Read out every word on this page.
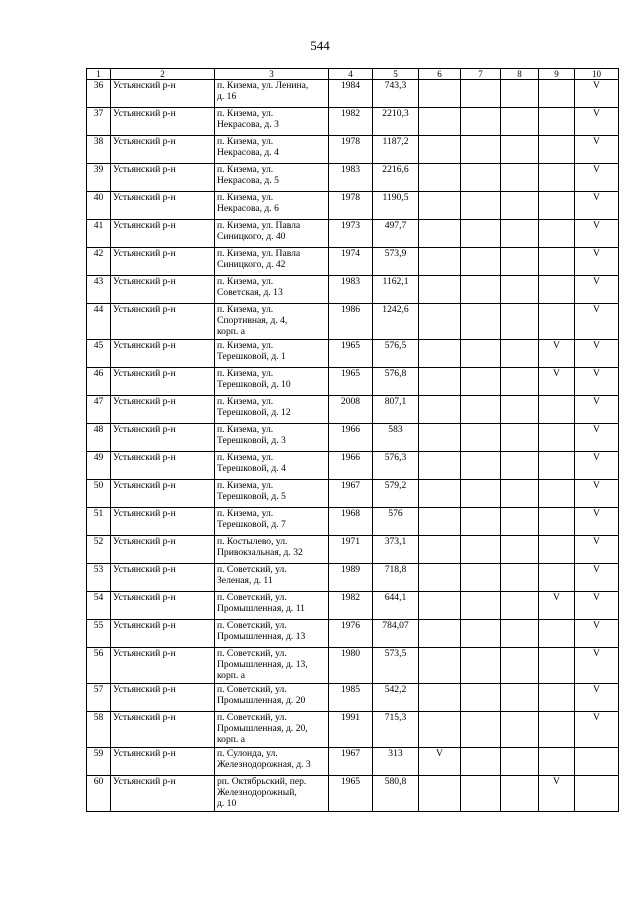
544
1	2	3	4	5	6	7	8	9	10
36	Устьянский р-н	п. Кизема, ул. Ленина,
д. 16	1984	743,3					V
37	Устьянский р-н	п. Кизема, ул.
Некрасова, д. 3	1982	2210,3					V
38	Устьянский р-н	п. Кизема, ул.
Некрасова, д. 4	1978	1187,2					V
39	Устьянский р-н	п. Кизема, ул.
Некрасова, д. 5	1983	2216,6					V
40	Устьянский р-н	п. Кизема, ул.
Некрасова, д. 6	1978	1190,5					V
41	Устьянский р-н	п. Кизема, ул. Павла
Синицкого, д. 40	1973	497,7					V
42	Устьянский р-н	п. Кизема, ул. Павла
Синицкого, д. 42	1974	573,9					V
43	Устьянский р-н	п. Кизема, ул.
Советская, д. 13	1983	1162,1					V
44	Устьянский р-н	п. Кизема, ул.
Спортивная, д. 4,
корп. а	1986	1242,6					V
45	Устьянский р-н	п. Кизема, ул.
Терешковой, д. 1	1965	576,5				V	V
46	Устьянский р-н	п. Кизема, ул.
Терешковой, д. 10	1965	576,8				V	V
47	Устьянский р-н	п. Кизема, ул.
Терешковой, д. 12	2008	807,1					V
48	Устьянский р-н	п. Кизема, ул.
Терешковой, д. 3	1966	583					V
49	Устьянский р-н	п. Кизема, ул.
Терешковой, д. 4	1966	576,3					V
50	Устьянский р-н	п. Кизема, ул.
Терешковой, д. 5	1967	579,2					V
51	Устьянский р-н	п. Кизема, ул.
Терешковой, д. 7	1968	576					V
52	Устьянский р-н	п. Костылево, ул.
Привокзальная, д. 32	1971	373,1					V
53	Устьянский р-н	п. Советский, ул.
Зеленая, д. 11	1989	718,8					V
54	Устьянский р-н	п. Советский, ул.
Промышленная, д. 11	1982	644,1				V	V
55	Устьянский р-н	п. Советский, ул.
Промышленная, д. 13	1976	784,07					V
56	Устьянский р-н	п. Советский, ул.
Промышленная, д. 13,
корп. а	1980	573,5					V
57	Устьянский р-н	п. Советский, ул.
Промышленная, д. 20	1985	542,2					V
58	Устьянский р-н	п. Советский, ул.
Промышленная, д. 20,
корп. а	1991	715,3					V
59	Устьянский р-н	п. Сулонда, ул.
Железнодорожная, д. 3	1967	313	V				
60	Устьянский р-н	рп. Октябрьский, пер.
Железнодорожный,
д. 10	1965	580,8				V	
